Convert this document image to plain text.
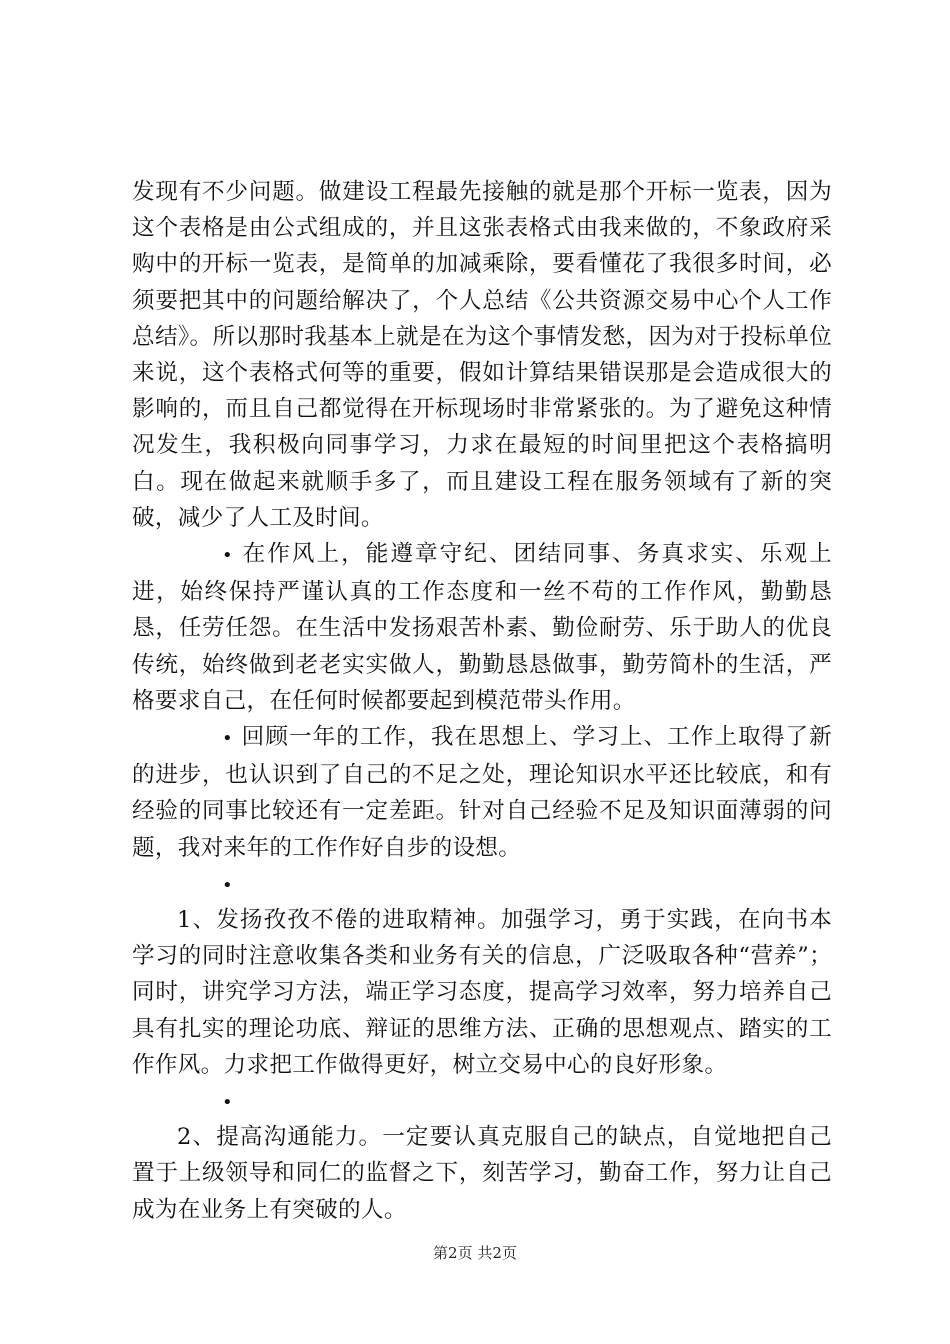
发现有不少问题。做建设工程最先接触的就是那个开标一览表，因为这个表格是由公式组成的，并且这张表格式由我来做的，不象政府采购中的开标一览表，是简单的加减乘除，要看懂花了我很多时间，必须要把其中的问题给解决了，个人总结《公共资源交易中心个人工作总结》。所以那时我基本上就是在为这个事情发愁，因为对于投标单位来说，这个表格式何等的重要，假如计算结果错误那是会造成很大的影响的，而且自己都觉得在开标现场时非常紧张的。为了避免这种情况发生，我积极向同事学习，力求在最短的时间里把这个表格搞明白。现在做起来就顺手多了，而且建设工程在服务领域有了新的突破，减少了人工及时间。

• 在作风上，能遵章守纪、团结同事、务真求实、乐观上进，始终保持严谨认真的工作态度和一丝不苟的工作作风，勤勤恳恳，任劳任怨。在生活中发扬艰苦朴素、勤俭耐劳、乐于助人的优良传统，始终做到老老实实做人，勤勤恳恳做事，勤劳简朴的生活，严格要求自己，在任何时候都要起到模范带头作用。

• 回顾一年的工作，我在思想上、学习上、工作上取得了新的进步，也认识到了自己的不足之处，理论知识水平还比较底，和有经验的同事比较还有一定差距。针对自己经验不足及知识面薄弱的问题，我对来年的工作作好自步的设想。

•

1、发扬孜孜不倦的进取精神。加强学习，勇于实践，在向书本学习的同时注意收集各类和业务有关的信息，广泛吸取各种“营养”；同时，讲究学习方法，端正学习态度，提高学习效率，努力培养自己具有扎实的理论功底、辩证的思维方法、正确的思想观点、踏实的工作作风。力求把工作做得更好，树立交易中心的良好形象。

•

2、提高沟通能力。一定要认真克服自己的缺点，自觉地把自己置于上级领导和同仁的监督之下，刻苦学习，勤奋工作，努力让自己成为在业务上有突破的人。

第2页 共2页
